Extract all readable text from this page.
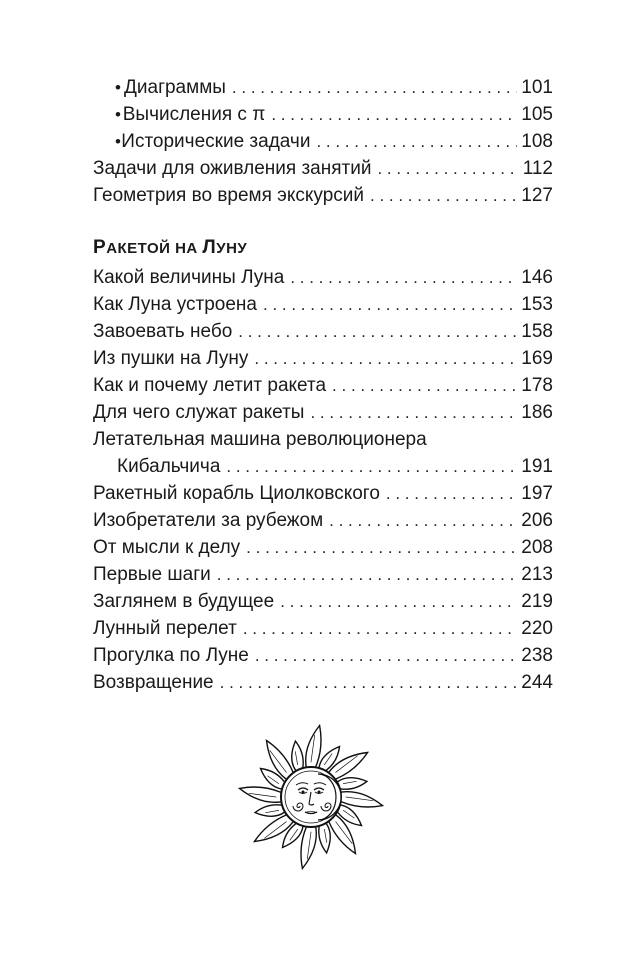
• Диаграммы . . .	101
• Вычисления с π . . .	105
• Исторические задачи . . .	108
Задачи для оживления занятий . . .	112
Геометрия во время экскурсий . . .	127
РАКЕТОЙ НА ЛУНУ
Какой величины Луна . . .	146
Как Луна устроена . . .	153
Завоевать небо . . .	158
Из пушки на Луну . . .	169
Как и почему летит ракета . . .	178
Для чего служат ракеты . . .	186
Летательная машина революционера
Кибальчича . . .	191
Ракетный корабль Циолковского . . .	197
Изобретатели за рубежом . . .	206
От мысли к делу . . .	208
Первые шаги . . .	213
Заглянем в будущее . . .	219
Лунный перелет . . .	220
Прогулка по Луне . . .	238
Возвращение . . .	244
